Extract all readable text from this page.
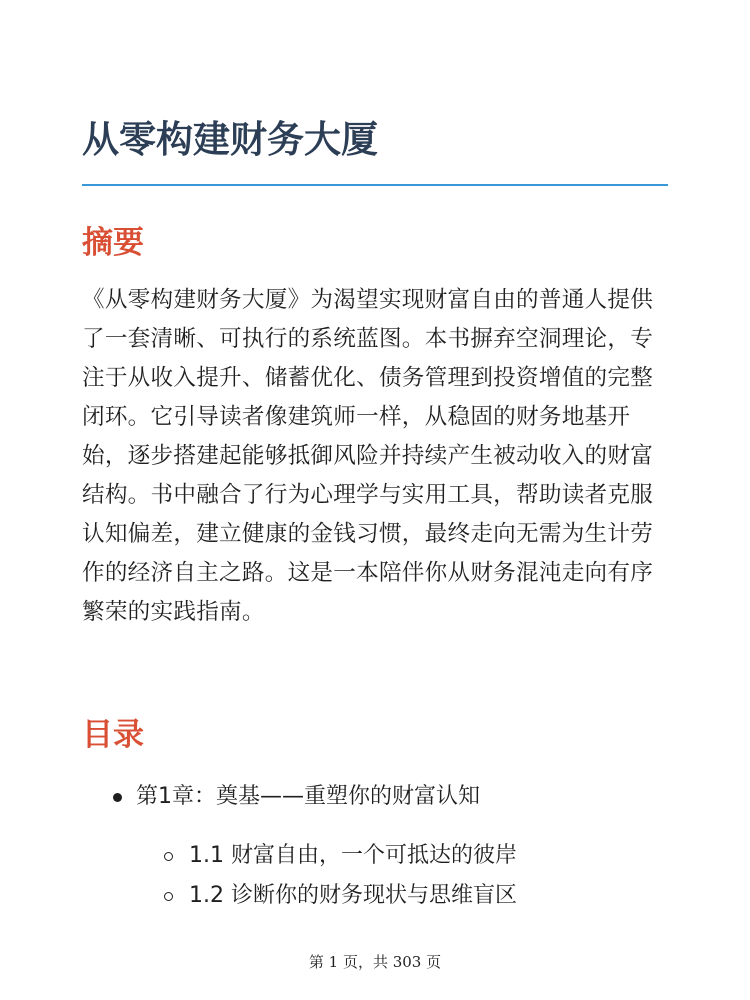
从零构建财务大厦
摘要

《从零构建财务大厦》为渴望实现财富自由的普通人提供了一套清晰、可执行的系统蓝图。本书摒弃空洞理论，专注于从收入提升、储蓄优化、债务管理到投资增值的完整闭环。它引导读者像建筑师一样，从稳固的财务地基开始，逐步搭建起能够抵御风险并持续产生被动收入的财富结构。书中融合了行为心理学与实用工具，帮助读者克服认知偏差，建立健康的金钱习惯，最终走向无需为生计劳作的经济自主之路。这是一本陪伴你从财务混沌走向有序繁荣的实践指南。

目录
第1章：奠基——重塑你的财富认知
1.1 财富自由，一个可抵达的彼岸
1.2 诊断你的财务现状与思维盲区
第 1 页，共 303 页
